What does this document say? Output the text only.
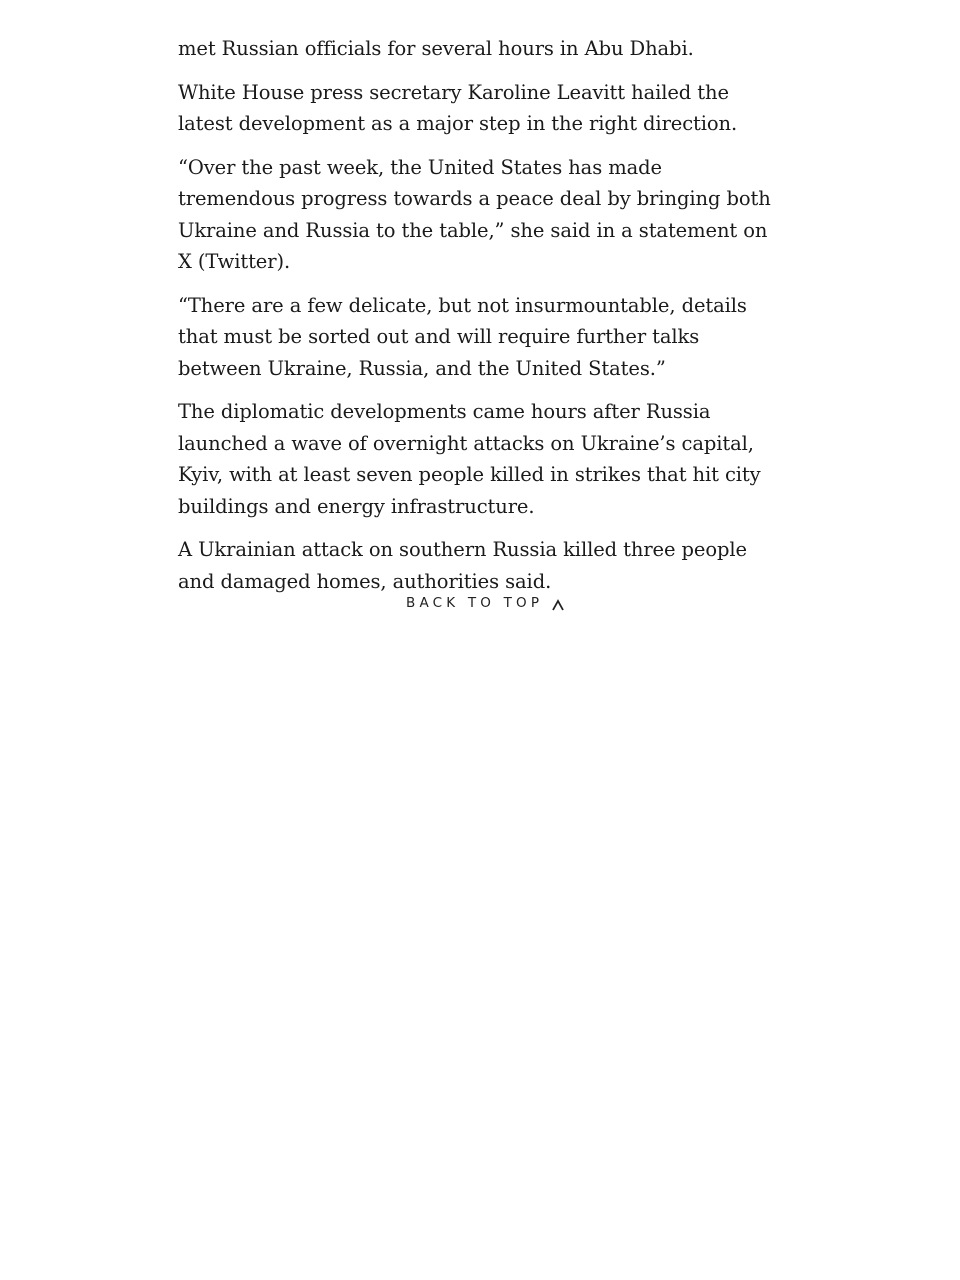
met Russian officials for several hours in Abu Dhabi.

White House press secretary Karoline Leavitt hailed the latest development as a major step in the right direction.

“Over the past week, the United States has made tremendous progress towards a peace deal by bringing both Ukraine and Russia to the table,” she said in a statement on X (Twitter).

“There are a few delicate, but not insurmountable, details that must be sorted out and will require further talks between Ukraine, Russia, and the United States.”

The diplomatic developments came hours after Russia launched a wave of overnight attacks on Ukraine’s capital, Kyiv, with at least seven people killed in strikes that hit city buildings and energy infrastructure.

A Ukrainian attack on southern Russia killed three people and damaged homes, authorities said.

BACK TO TOP
